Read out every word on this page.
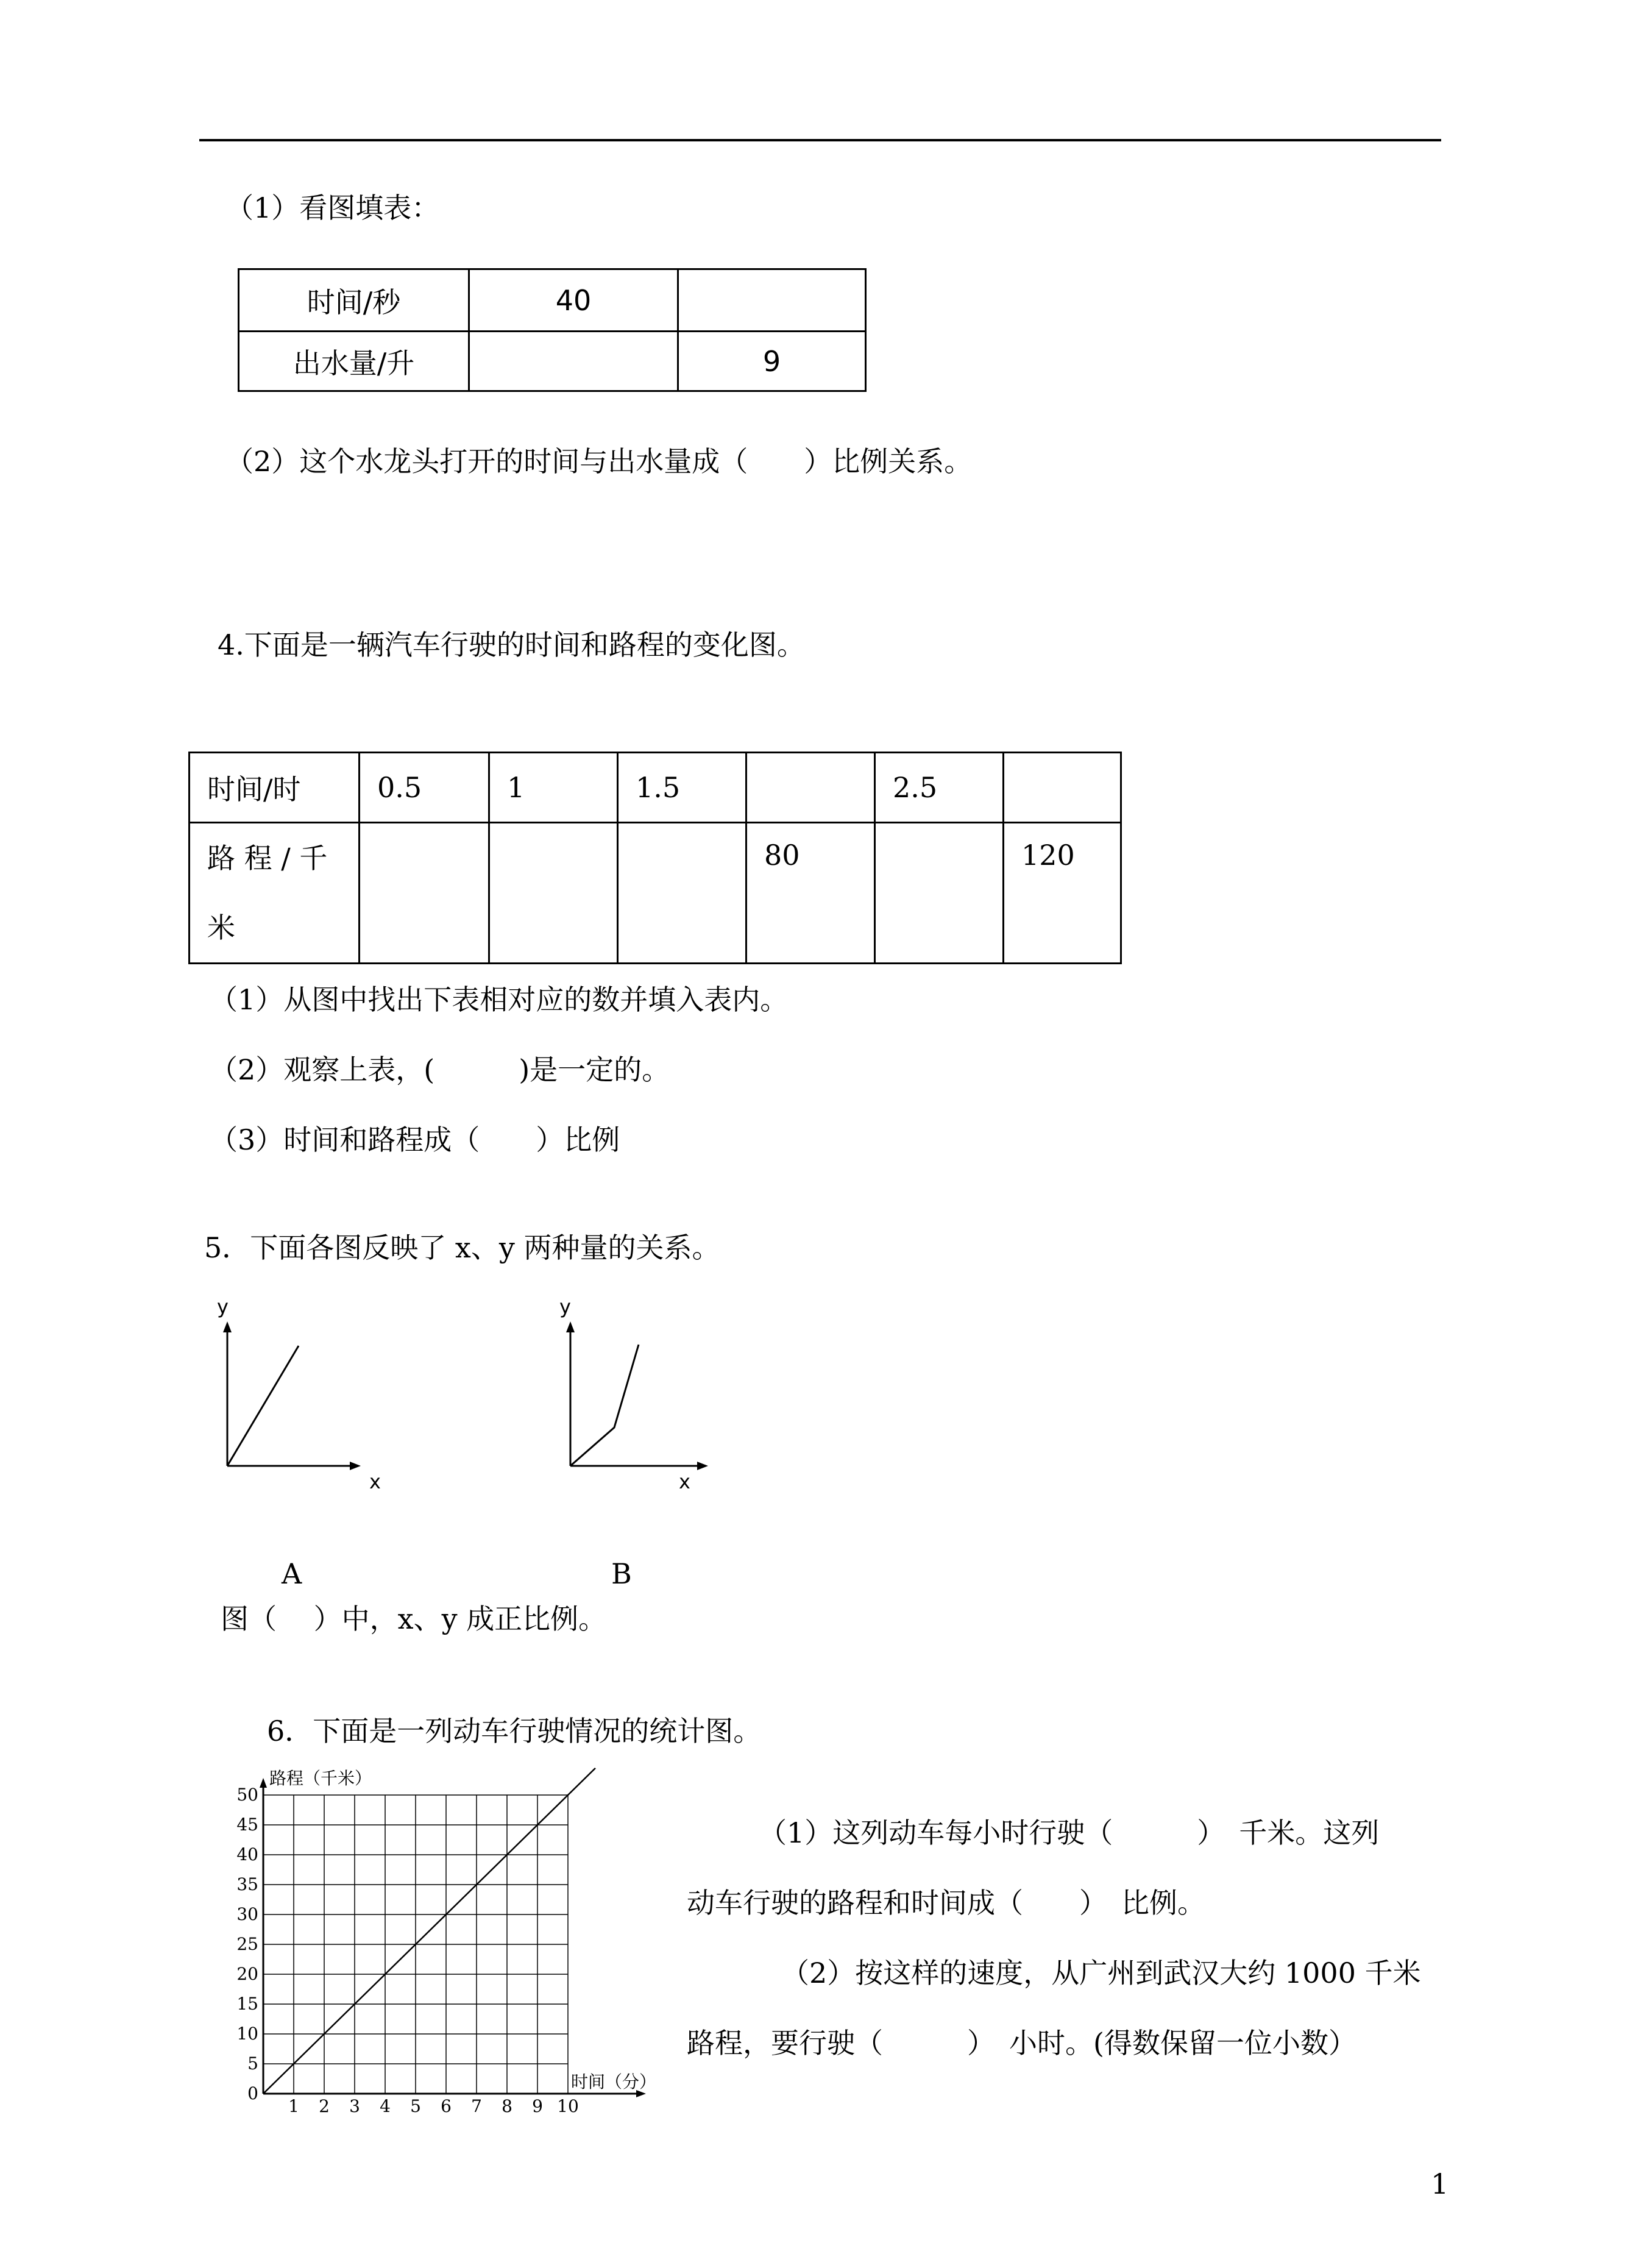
（1）看图填表：
时间/秒	40	
出水量/升		9
（2）这个水龙头打开的时间与出水量成（　　）比例关系。
4.下面是一辆汽车行驶的时间和路程的变化图。
时间/时	0.5	1	1.5		2.5	

路 程 / 千
米				80		120
（1）从图中找出下表相对应的数并填入表内。
（2）观察上表，(　　　)是一定的。
（3）时间和路程成（　　）比例
5．下面各图反映了 x、y 两种量的关系。
y
x
y
x
A	B
图（　 ）中，x、y 成正比例。
6．下面是一列动车行驶情况的统计图。
1 2 3 4 5 6 7 8 9 10
0
5
10
15
20
25
30
35
40
45
50
路程（千米）
时间（分）
（1）这列动车每小时行驶（　　　）　千米。这列
动车行驶的路程和时间成（　　）　比例。
（2）按这样的速度，从广州到武汉大约 1000 千米
路程，要行驶（　　　）　小时。(得数保留一位小数）
1
